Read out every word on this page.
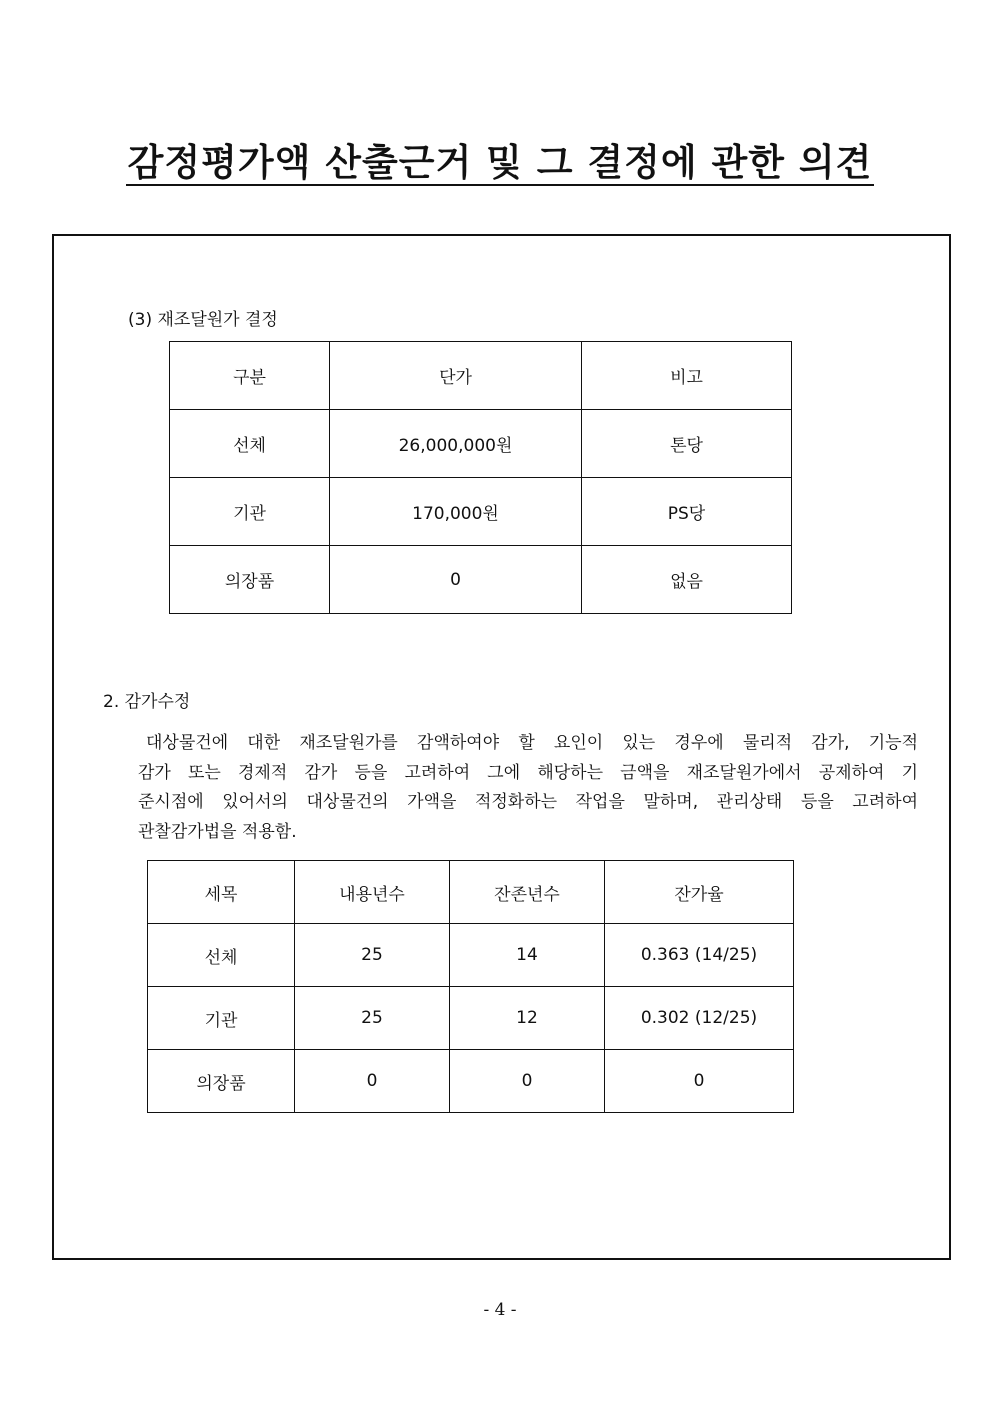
감정평가액 산출근거 및 그 결정에 관한 의견
(3) 재조달원가 결정
구분	단가	비고
선체	26,000,000원	톤당
기관	170,000원	PS당
의장품	0	없음
2. 감가수정
대상물건에 대한 재조달원가를 감액하여야 할 요인이 있는 경우에 물리적 감가, 기능적
감가 또는 경제적 감가 등을 고려하여 그에 해당하는 금액을 재조달원가에서 공제하여 기
준시점에 있어서의 대상물건의 가액을 적정화하는 작업을 말하며, 관리상태 등을 고려하여
관찰감가법을 적용함.
세목	내용년수	잔존년수	잔가율
선체	25	14	0.363 (14/25)
기관	25	12	0.302 (12/25)
의장품	0	0	0
- 4 -
